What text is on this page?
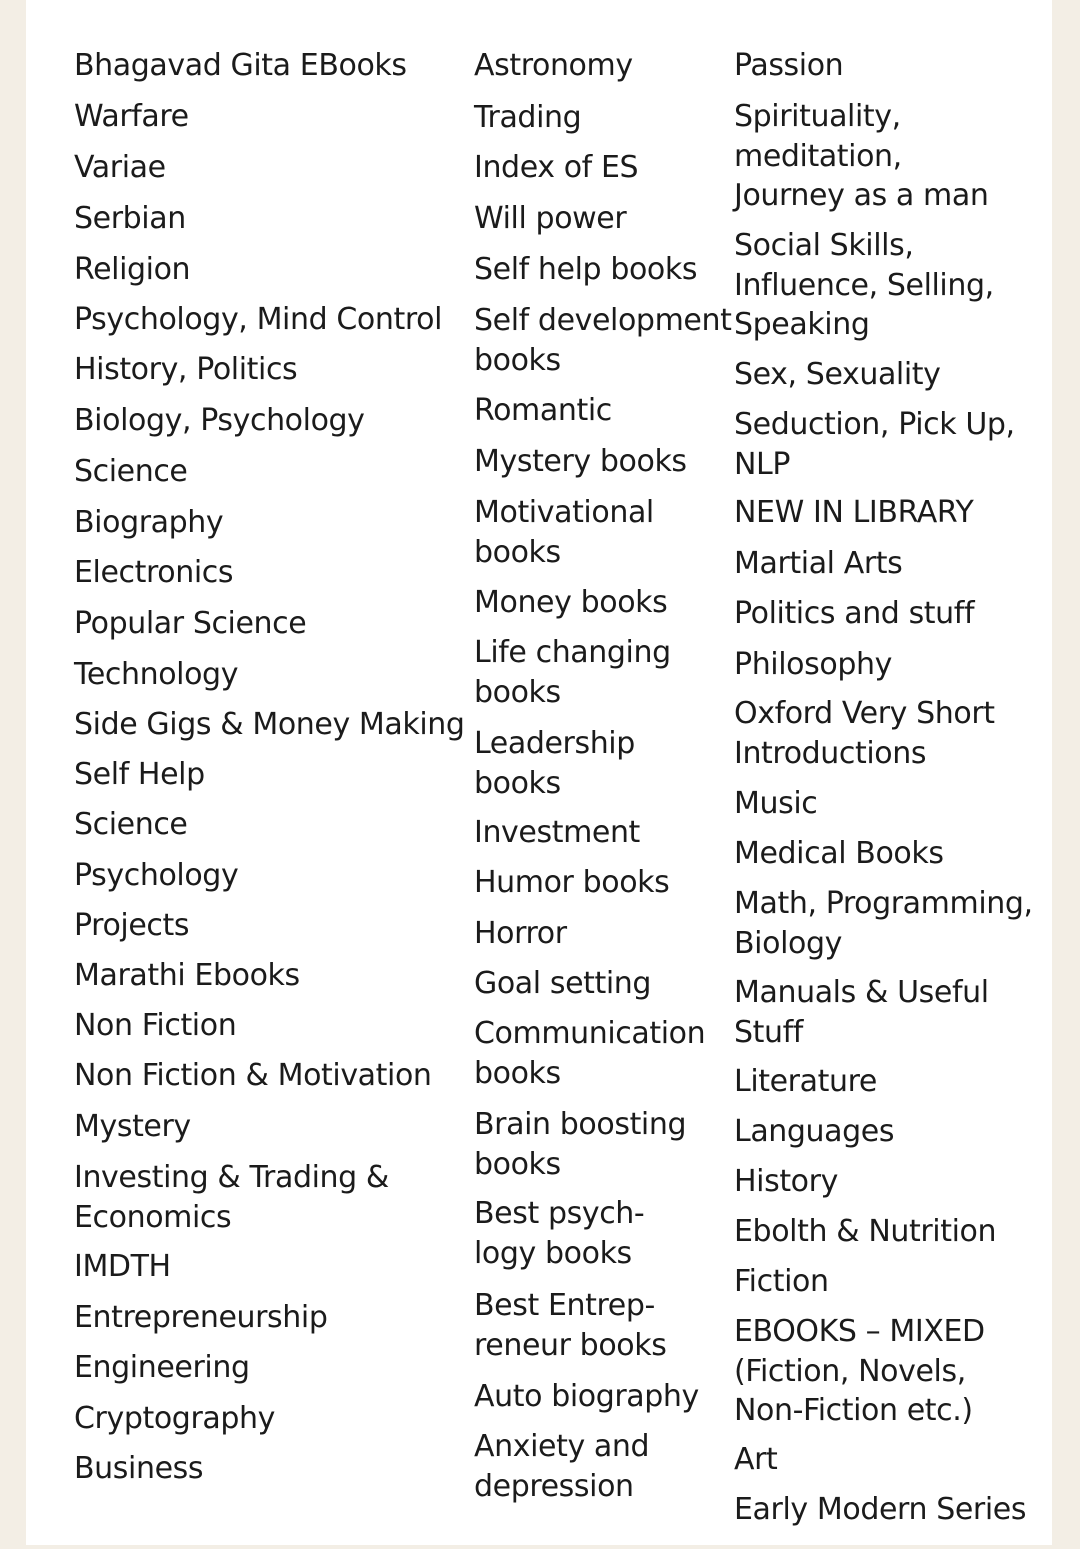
Bhagavad Gita EBooks
Warfare
Variae
Serbian
Religion
Psychology, Mind Control
History, Politics
Biology, Psychology
Science
Biography
Electronics
Popular Science
Technology
Side Gigs & Money Making
Self Help
Science
Psychology
Projects
Marathi Ebooks
Non Fiction
Non Fiction & Motivation
Mystery
Investing & Trading &
Economics
IMDTH
Entrepreneurship
Engineering
Cryptography
Business
Astronomy
Trading
Index of ES
Will power
Self help books
Self development
books
Romantic
Mystery books
Motivational
books
Money books
Life changing
books
Leadership
books
Investment
Humor books
Horror
Goal setting
Communication
books
Brain boosting
books
Best psych-
logy books
Best Entrep-
reneur books
Auto biography
Anxiety and
depression
Passion
Spirituality,
meditation,
Journey as a man
Social Skills,
Influence, Selling,
Speaking
Sex, Sexuality
Seduction, Pick Up,
NLP
NEW IN LIBRARY
Martial Arts
Politics and stuff
Philosophy
Oxford Very Short
Introductions
Music
Medical Books
Math, Programming,
Biology
Manuals & Useful
Stuff
Literature
Languages
History
Ebolth & Nutrition
Fiction
EBOOKS – MIXED
(Fiction, Novels,
Non-Fiction etc.)
Art
Early Modern Series
